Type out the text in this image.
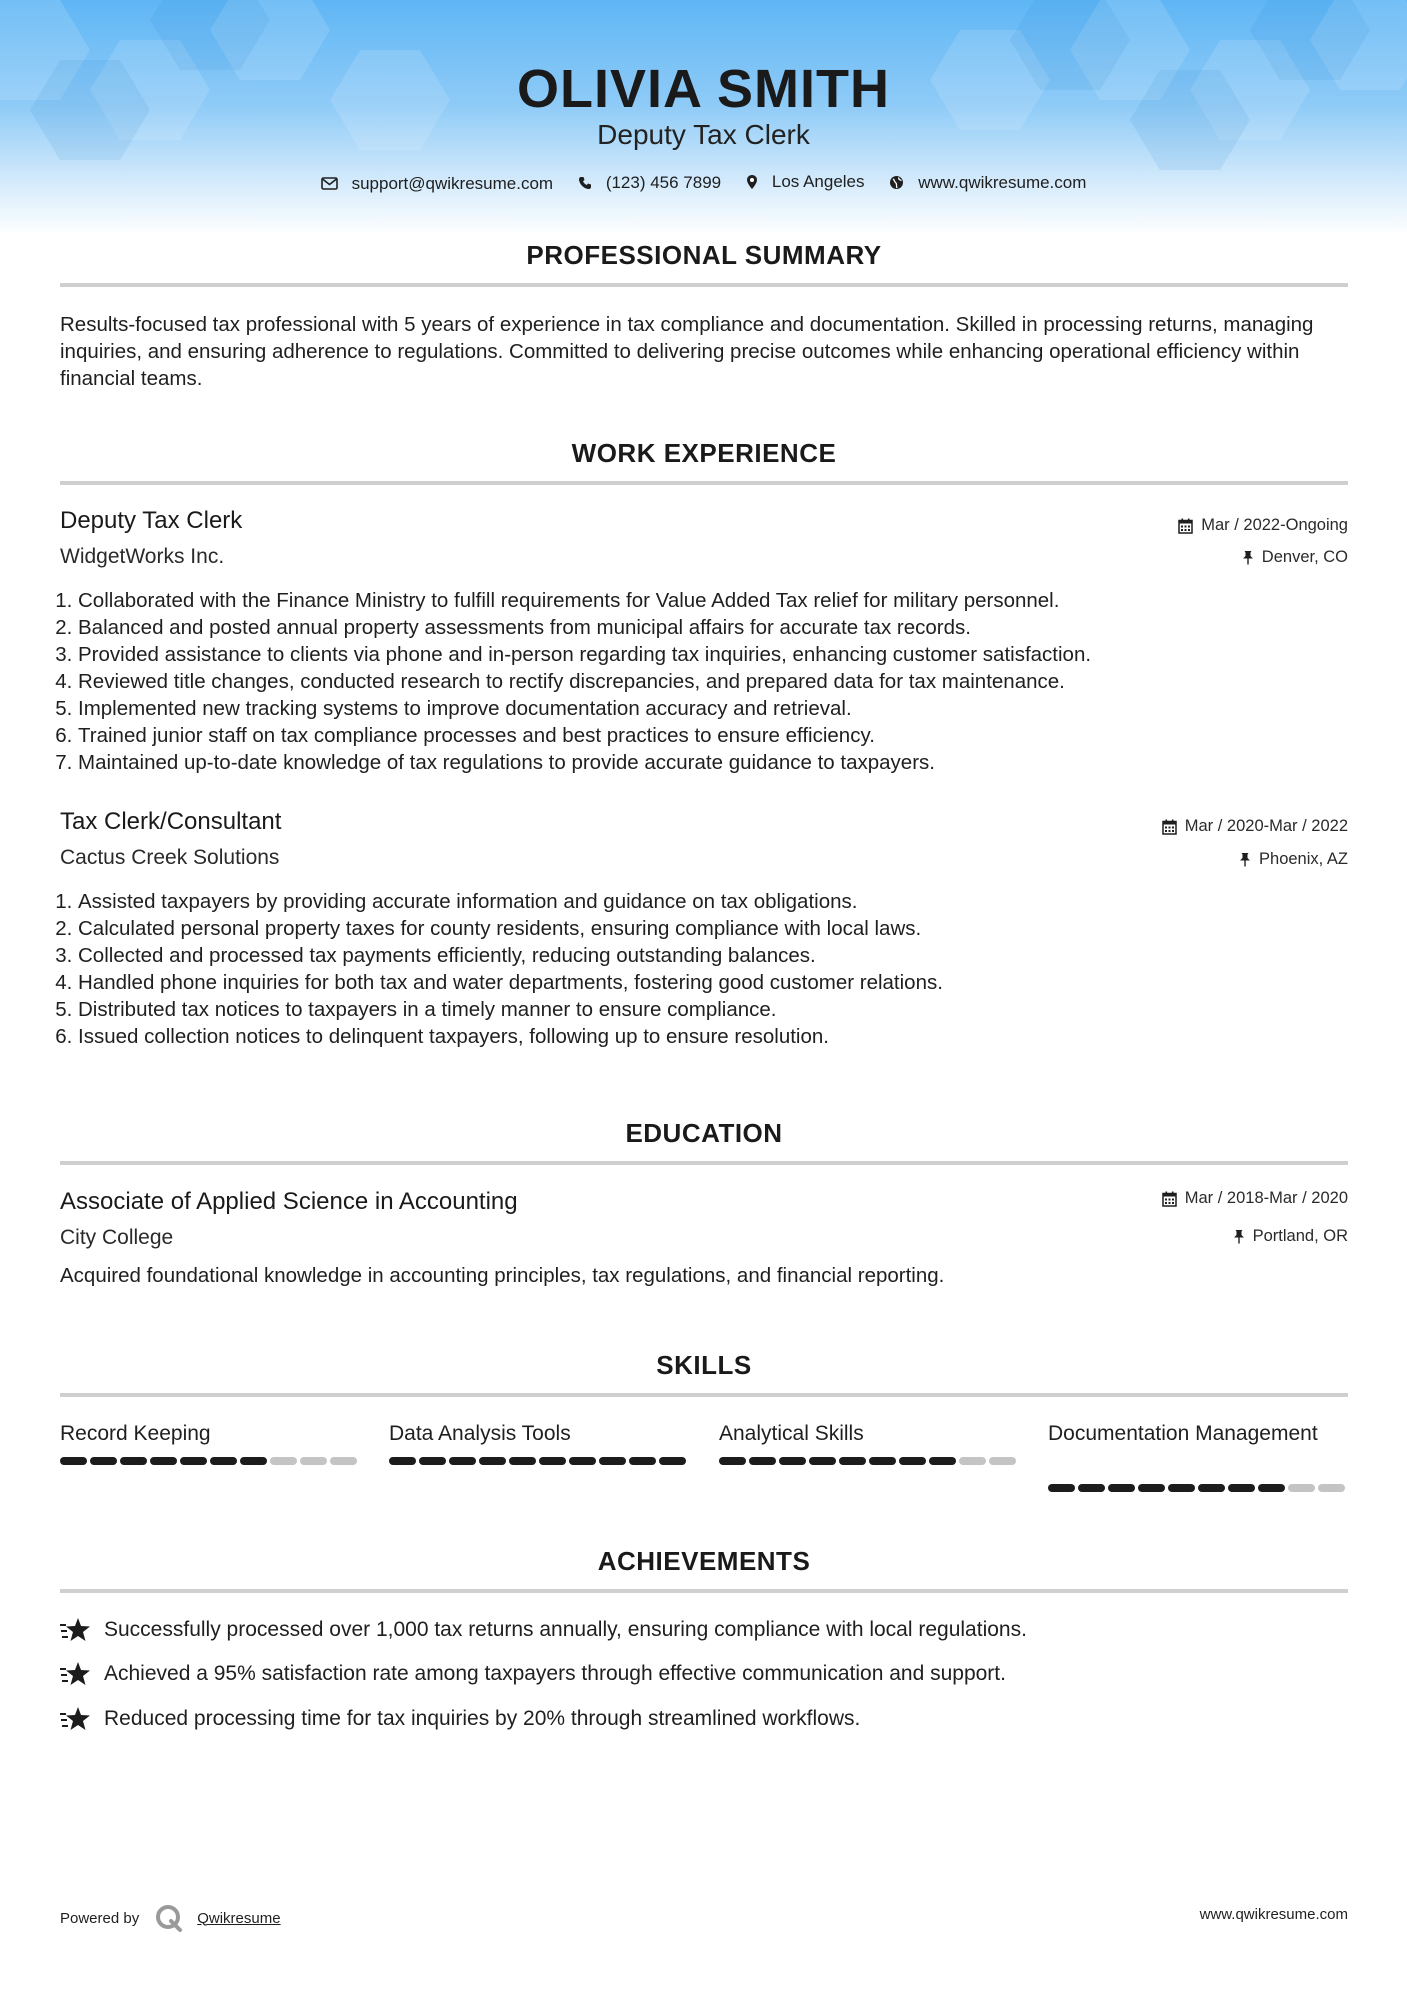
OLIVIA SMITH
Deputy Tax Clerk
support@qwikresume.com
	(123) 456 7899
	Los Angeles
	www.qwikresume.com
PROFESSIONAL SUMMARY
Results-focused tax professional with 5 years of experience in tax compliance and documentation. Skilled in processing returns, managing inquiries, and ensuring adherence to regulations. Committed to delivering precise outcomes while enhancing operational efficiency within financial teams.
WORK EXPERIENCE
Deputy Tax Clerk	Mar / 2022-Ongoing
WidgetWorks Inc.	Denver, CO
1. Collaborated with the Finance Ministry to fulfill requirements for Value Added Tax relief for military personnel.
2. Balanced and posted annual property assessments from municipal affairs for accurate tax records.
3. Provided assistance to clients via phone and in-person regarding tax inquiries, enhancing customer satisfaction.
4. Reviewed title changes, conducted research to rectify discrepancies, and prepared data for tax maintenance.
5. Implemented new tracking systems to improve documentation accuracy and retrieval.
6. Trained junior staff on tax compliance processes and best practices to ensure efficiency.
7. Maintained up-to-date knowledge of tax regulations to provide accurate guidance to taxpayers.
Tax Clerk/Consultant	Mar / 2020-Mar / 2022
Cactus Creek Solutions	Phoenix, AZ
1. Assisted taxpayers by providing accurate information and guidance on tax obligations.
2. Calculated personal property taxes for county residents, ensuring compliance with local laws.
3. Collected and processed tax payments efficiently, reducing outstanding balances.
4. Handled phone inquiries for both tax and water departments, fostering good customer relations.
5. Distributed tax notices to taxpayers in a timely manner to ensure compliance.
6. Issued collection notices to delinquent taxpayers, following up to ensure resolution.
EDUCATION
Associate of Applied Science in Accounting	Mar / 2018-Mar / 2020
City College	Portland, OR
Acquired foundational knowledge in accounting principles, tax regulations, and financial reporting.
SKILLS
Record Keeping	Data Analysis Tools	Analytical Skills	Documentation Management
ACHIEVEMENTS
Successfully processed over 1,000 tax returns annually, ensuring compliance with local regulations.
Achieved a 95% satisfaction rate among taxpayers through effective communication and support.
Reduced processing time for tax inquiries by 20% through streamlined workflows.
Powered by	Qwikresume	www.qwikresume.com
